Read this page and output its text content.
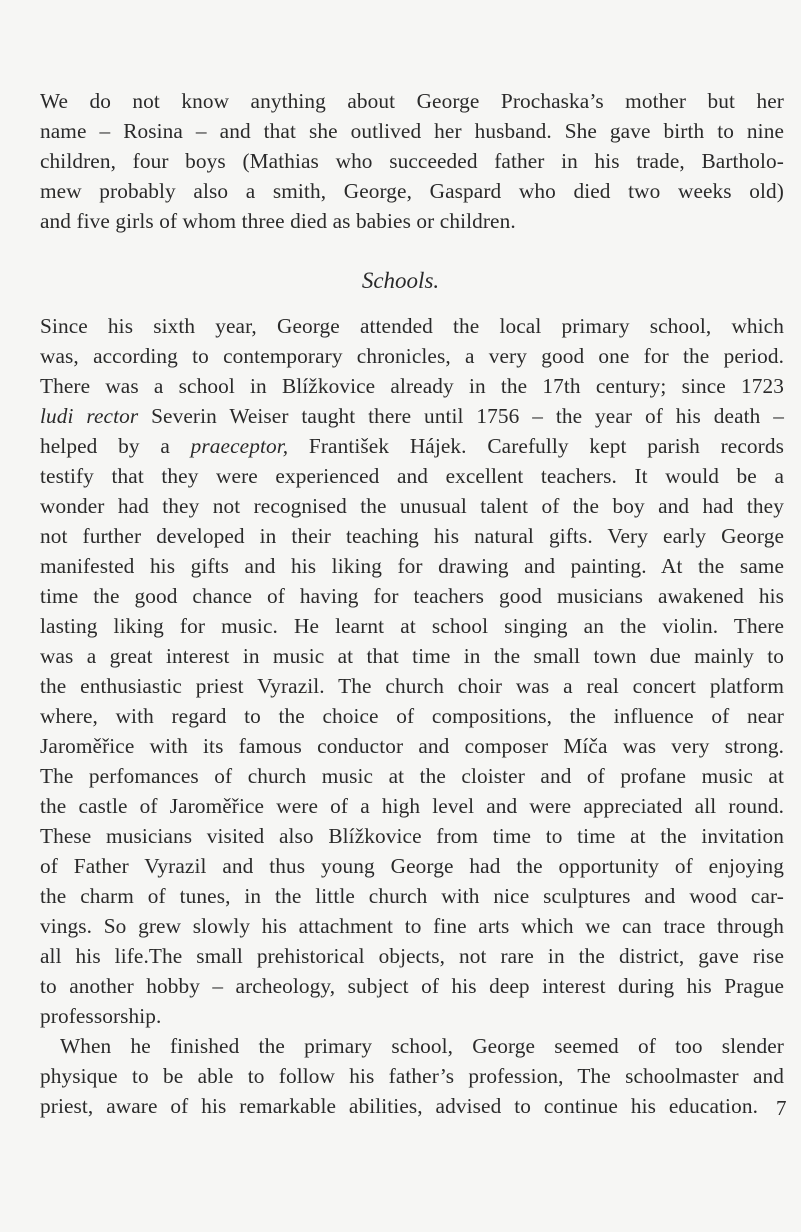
We do not know anything about George Prochaska’s mother but her
name – Rosina – and that she outlived her husband. She gave birth to nine
children, four boys (Mathias who succeeded father in his trade, Bartholo-
mew probably also a smith, George, Gaspard who died two weeks old)
and five girls of whom three died as babies or children.
Schools.
Since his sixth year, George attended the local primary school, which
was, according to contemporary chronicles, a very good one for the period.
There was a school in Blížkovice already in the 17th century; since 1723
ludi rector Severin Weiser taught there until 1756 – the year of his death –
helped by a praeceptor, František Hájek. Carefully kept parish records
testify that they were experienced and excellent teachers. It would be a
wonder had they not recognised the unusual talent of the boy and had they
not further developed in their teaching his natural gifts. Very early George
manifested his gifts and his liking for drawing and painting. At the same
time the good chance of having for teachers good musicians awakened his
lasting liking for music. He learnt at school singing an the violin. There
was a great interest in music at that time in the small town due mainly to
the enthusiastic priest Vyrazil. The church choir was a real concert platform
where, with regard to the choice of compositions, the influence of near
Jaroměřice with its famous conductor and composer Míča was very strong.
The perfomances of church music at the cloister and of profane music at
the castle of Jaroměřice were of a high level and were appreciated all round.
These musicians visited also Blížkovice from time to time at the invitation
of Father Vyrazil and thus young George had the opportunity of enjoying
the charm of tunes, in the little church with nice sculptures and wood car-
vings. So grew slowly his attachment to fine arts which we can trace through
all his life.The small prehistorical objects, not rare in the district, gave rise
to another hobby – archeology, subject of his deep interest during his Prague
professorship.
When he finished the primary school, George seemed of too slender
physique to be able to follow his father’s profession, The schoolmaster and
priest, aware of his remarkable abilities, advised to continue his education. 7
